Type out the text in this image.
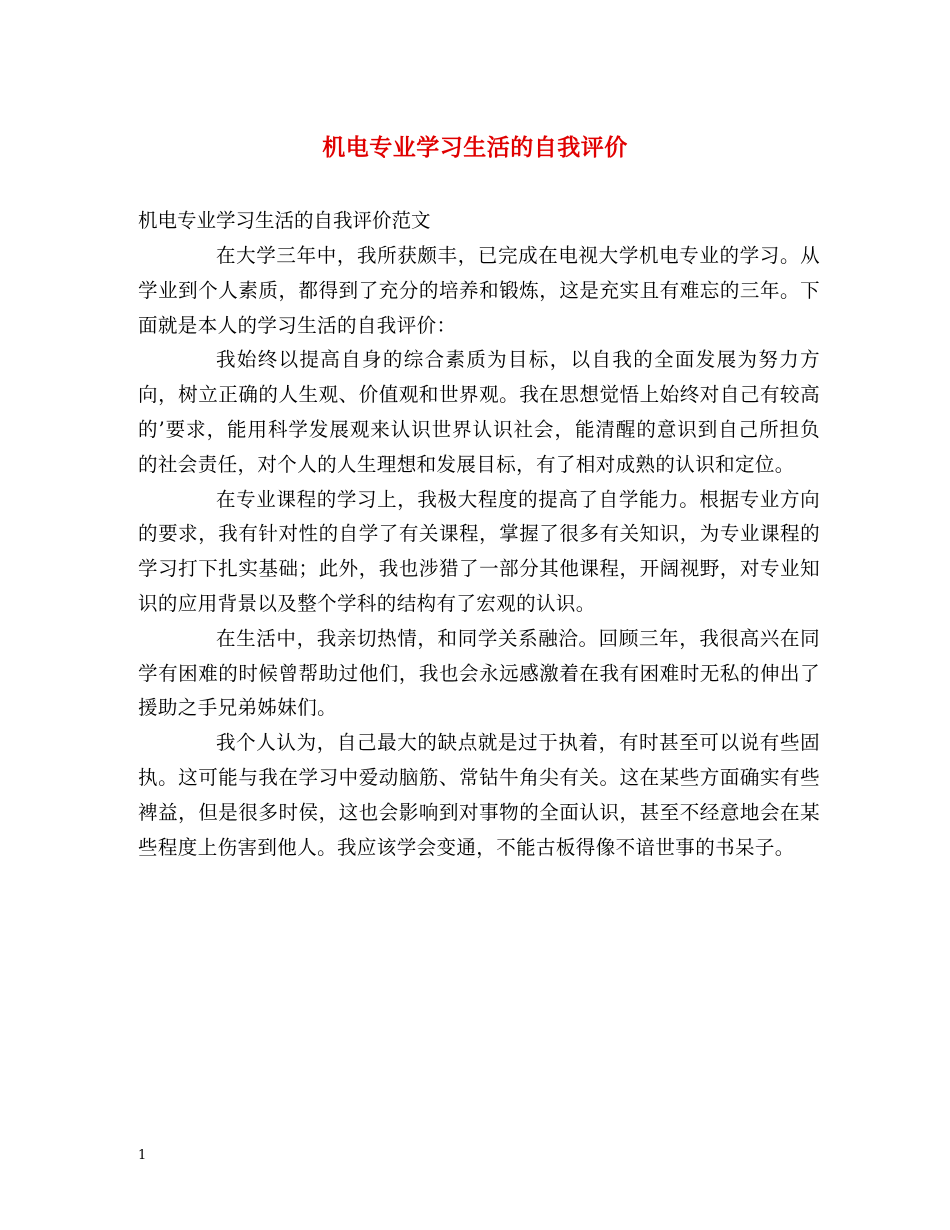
机电专业学习生活的自我评价

机电专业学习生活的自我评价范文

在大学三年中，我所获颇丰，已完成在电视大学机电专业的学习。从学业到个人素质，都得到了充分的培养和锻炼，这是充实且有难忘的三年。下面就是本人的学习生活的自我评价：

我始终以提高自身的综合素质为目标，以自我的全面发展为努力方向，树立正确的人生观、价值观和世界观。我在思想觉悟上始终对自己有较高的’要求，能用科学发展观来认识世界认识社会，能清醒的意识到自己所担负的社会责任，对个人的人生理想和发展目标，有了相对成熟的认识和定位。

在专业课程的学习上，我极大程度的提高了自学能力。根据专业方向的要求，我有针对性的自学了有关课程，掌握了很多有关知识，为专业课程的学习打下扎实基础；此外，我也涉猎了一部分其他课程，开阔视野，对专业知识的应用背景以及整个学科的结构有了宏观的认识。

在生活中，我亲切热情，和同学关系融洽。回顾三年，我很高兴在同学有困难的时候曾帮助过他们，我也会永远感激着在我有困难时无私的伸出了援助之手兄弟姊妹们。

我个人认为，自己最大的缺点就是过于执着，有时甚至可以说有些固执。这可能与我在学习中爱动脑筋、常钻牛角尖有关。这在某些方面确实有些裨益，但是很多时侯，这也会影响到对事物的全面认识，甚至不经意地会在某些程度上伤害到他人。我应该学会变通，不能古板得像不谙世事的书呆子。

1
